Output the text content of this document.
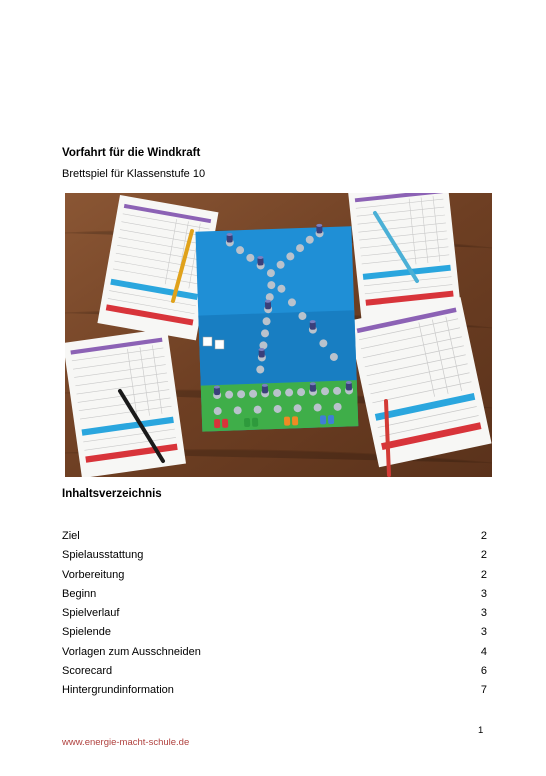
Vorfahrt für die Windkraft
Brettspiel für Klassenstufe 10
Inhaltsverzeichnis
Ziel	2
Spielausstattung	2
Vorbereitung	2
Beginn	3
Spielverlauf	3
Spielende	3
Vorlagen zum Ausschneiden	4
Scorecard	6
Hintergrundinformation	7
1
www.energie-macht-schule.de
